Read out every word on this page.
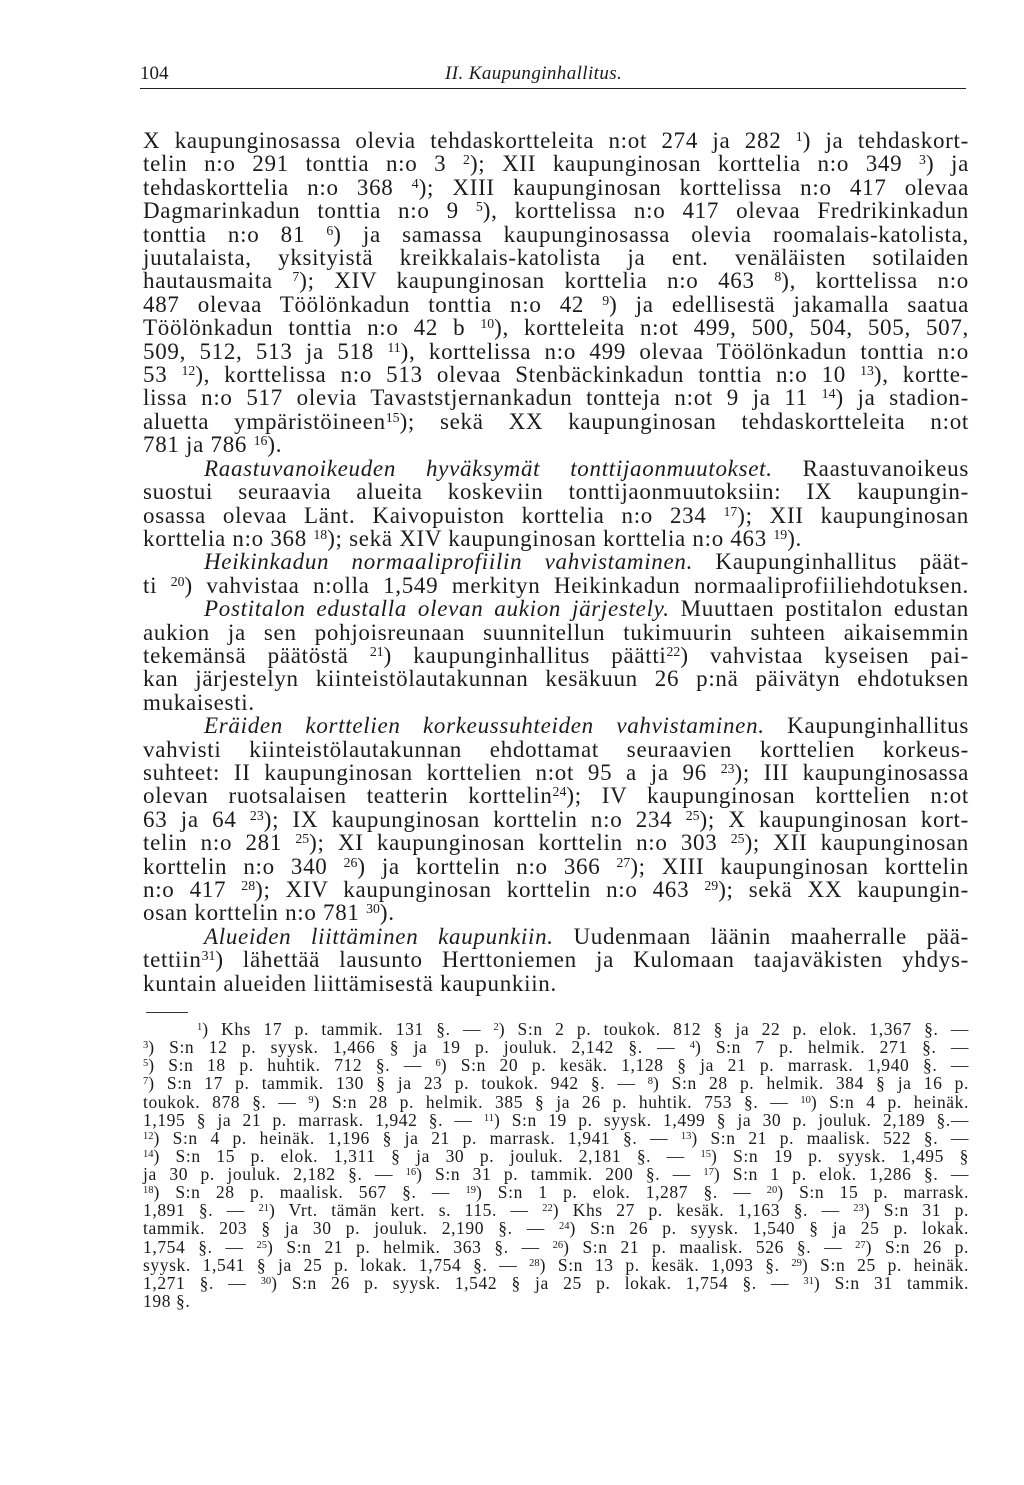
104	II. Kaupunginhallitus.
X kaupunginosassa olevia tehdaskortteleita n:ot 274 ja 282 $^1$) ja tehdaskort-
telin n:o 291 tonttia n:o 3 $^2$); XII kaupunginosan korttelia n:o 349 $^3$) ja
tehdaskorttelia n:o 368 $^4$); XIII kaupunginosan korttelissa n:o 417 olevaa
Dagmarinkadun tonttia n:o 9 $^5$), korttelissa n:o 417 olevaa Fredrikinkadun
tonttia n:o 81 $^6$) ja samassa kaupunginosassa olevia roomalais-katolista,
juutalaista, yksityistä kreikkalais-katolista ja ent. venäläisten sotilaiden
hautausmaita $^7$); XIV kaupunginosan korttelia n:o 463 $^8$), korttelissa n:o
487 olevaa Töölönkadun tonttia n:o 42 $^9$) ja edellisestä jakamalla saatua
Töölönkadun tonttia n:o 42 b $^{10}$), kortteleita n:ot 499, 500, 504, 505, 507,
509, 512, 513 ja 518 $^{11}$), korttelissa n:o 499 olevaa Töölönkadun tonttia n:o
53 $^{12}$), korttelissa n:o 513 olevaa Stenbäckinkadun tonttia n:o 10 $^{13}$), kortte-
lissa n:o 517 olevia Tavaststjernankadun tontteja n:ot 9 ja 11 $^{14}$) ja stadion-
aluetta ympäristöineen$^{15}$); sekä XX kaupunginosan tehdaskortteleita n:ot
781 ja 786 $^{16}$).
Raastuvanoikeuden hyväksymät tonttijaonmuutokset. Raastuvanoikeus
suostui seuraavia alueita koskeviin tonttijaonmuutoksiin: IX kaupungin-
osassa olevaa Länt. Kaivopuiston korttelia n:o 234 $^{17}$); XII kaupunginosan
korttelia n:o 368 $^{18}$); sekä XIV kaupunginosan korttelia n:o 463 $^{19}$).
Heikinkadun normaaliprofiilin vahvistaminen. Kaupunginhallitus päät-
ti $^{20}$) vahvistaa n:olla 1,549 merkityn Heikinkadun normaaliprofiiliehdotuksen.
Postitalon edustalla olevan aukion järjestely. Muuttaen postitalon edustan
aukion ja sen pohjoisreunaan suunnitellun tukimuurin suhteen aikaisemmin
tekemänsä päätöstä $^{21}$) kaupunginhallitus päätti$^{22}$) vahvistaa kyseisen pai-
kan järjestelyn kiinteistölautakunnan kesäkuun 26 p:nä päivätyn ehdotuksen
mukaisesti.
Eräiden korttelien korkeussuhteiden vahvistaminen. Kaupunginhallitus
vahvisti kiinteistölautakunnan ehdottamat seuraavien korttelien korkeus-
suhteet: II kaupunginosan korttelien n:ot 95 a ja 96 $^{23}$); III kaupunginosassa
olevan ruotsalaisen teatterin korttelin$^{24}$); IV kaupunginosan korttelien n:ot
63 ja 64 $^{23}$); IX kaupunginosan korttelin n:o 234 $^{25}$); X kaupunginosan kort-
telin n:o 281 $^{25}$); XI kaupunginosan korttelin n:o 303 $^{25}$); XII kaupunginosan
korttelin n:o 340 $^{26}$) ja korttelin n:o 366 $^{27}$); XIII kaupunginosan korttelin
n:o 417 $^{28}$); XIV kaupunginosan korttelin n:o 463 $^{29}$); sekä XX kaupungin-
osan korttelin n:o 781 $^{30}$).
Alueiden liittäminen kaupunkiin. Uudenmaan läänin maaherralle pää-
tettiin$^{31}$) lähettää lausunto Herttoniemen ja Kulomaan taajaväkisten yhdys-
kuntain alueiden liittämisestä kaupunkiin.
$^1$) Khs 17 p. tammik. 131 §. — $^2$) S:n 2 p. toukok. 812 § ja 22 p. elok. 1,367 §. —
$^3$) S:n 12 p. syysk. 1,466 § ja 19 p. jouluk. 2,142 §. — $^4$) S:n 7 p. helmik. 271 §. —
$^5$) S:n 18 p. huhtik. 712 §. — $^6$) S:n 20 p. kesäk. 1,128 § ja 21 p. marrask. 1,940 §. —
$^7$) S:n 17 p. tammik. 130 § ja 23 p. toukok. 942 §. — $^8$) S:n 28 p. helmik. 384 § ja 16 p.
toukok. 878 §. — $^9$) S:n 28 p. helmik. 385 § ja 26 p. huhtik. 753 §. — $^{10}$) S:n 4 p. heinäk.
1,195 § ja 21 p. marrask. 1,942 §. — $^{11}$) S:n 19 p. syysk. 1,499 § ja 30 p. jouluk. 2,189 §.—
$^{12}$) S:n 4 p. heinäk. 1,196 § ja 21 p. marrask. 1,941 §. — $^{13}$) S:n 21 p. maalisk. 522 §. —
$^{14}$) S:n 15 p. elok. 1,311 § ja 30 p. jouluk. 2,181 §. — $^{15}$) S:n 19 p. syysk. 1,495 §
ja 30 p. jouluk. 2,182 §. — $^{16}$) S:n 31 p. tammik. 200 §. — $^{17}$) S:n 1 p. elok. 1,286 §. —
$^{18}$) S:n 28 p. maalisk. 567 §. — $^{19}$) S:n 1 p. elok. 1,287 §. — $^{20}$) S:n 15 p. marrask.
1,891 §. — $^{21}$) Vrt. tämän kert. s. 115. — $^{22}$) Khs 27 p. kesäk. 1,163 §. — $^{23}$) S:n 31 p.
tammik. 203 § ja 30 p. jouluk. 2,190 §. — $^{24}$) S:n 26 p. syysk. 1,540 § ja 25 p. lokak.
1,754 §. — $^{25}$) S:n 21 p. helmik. 363 §. — $^{26}$) S:n 21 p. maalisk. 526 §. — $^{27}$) S:n 26 p.
syysk. 1,541 § ja 25 p. lokak. 1,754 §. — $^{28}$) S:n 13 p. kesäk. 1,093 §. $^{29}$) S:n 25 p. heinäk.
1,271 §. — $^{30}$) S:n 26 p. syysk. 1,542 § ja 25 p. lokak. 1,754 §. — $^{31}$) S:n 31 tammik.
198 §.
